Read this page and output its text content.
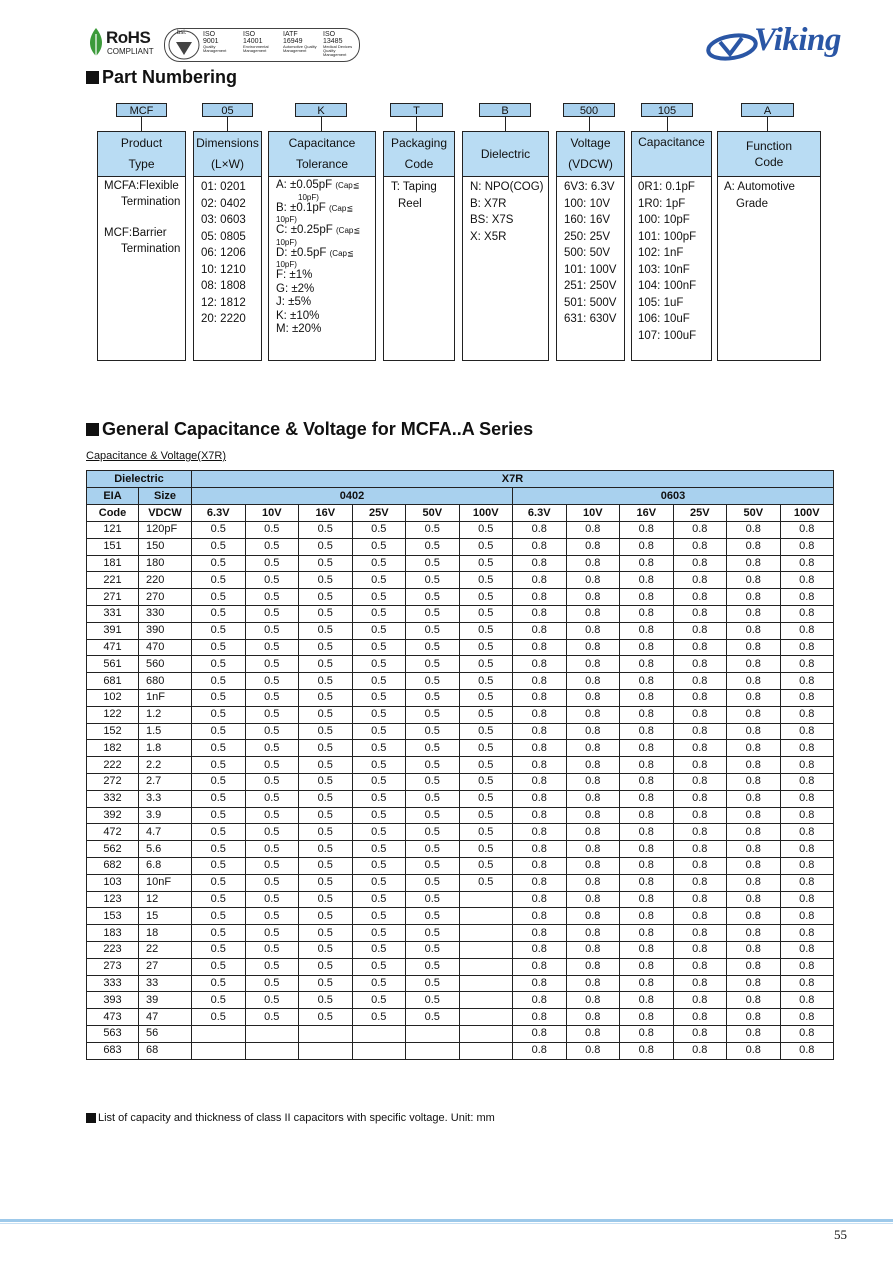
RoHS
COMPLIANT
bsi. ISO
9001
Quality Management
ISO
14001
Environmental Management
IATF
16949
Automotive Quality Management
ISO
13485
Medical Devices Quality Management	Viking
Part Numbering
MCF	05	K	T	B	500	105	A
Product
Type
Dimensions
(L×W)
Capacitance
Tolerance
Packaging
Code
Dielectric
Voltage
(VDCW)
Capacitance	Function
Code
MCFA:Flexible
Termination
MCF:Barrier
Termination
01: 0201
02: 0402
03: 0603
05: 0805
06: 1206
10: 1210
08: 1808
12: 1812
20: 2220
A: ±0.05pF (Cap≦
10pF)
B: ±0.1pF (Cap≦
10pF)
C: ±0.25pF (Cap≦
10pF)
D: ±0.5pF (Cap≦
10pF)
F: ±1%
G: ±2%
J: ±5%
K: ±10%
M: ±20%
T: Taping
Reel
N: NPO(COG)
B: X7R
BS: X7S
X: X5R
6V3: 6.3V
100: 10V
160: 16V
250: 25V
500: 50V
101: 100V
251: 250V
501: 500V
631: 630V
0R1: 0.1pF
1R0: 1pF
100: 10pF
101: 100pF
102: 1nF
103: 10nF
104: 100nF
105: 1uF
106: 10uF
107: 100uF
A: Automotive
Grade
General Capacitance & Voltage for MCFA..A Series
Capacitance & Voltage(X7R)
Dielectric		X7R											
EIA	Size	0402						0603					
Code	VDCW	6.3V	10V	16V	25V	50V	100V	6.3V	10V	16V	25V	50V	100V
121	120pF	0.5	0.5	0.5	0.5	0.5	0.5	0.8	0.8	0.8	0.8	0.8	0.8
151	150	0.5	0.5	0.5	0.5	0.5	0.5	0.8	0.8	0.8	0.8	0.8	0.8
181	180	0.5	0.5	0.5	0.5	0.5	0.5	0.8	0.8	0.8	0.8	0.8	0.8
221	220	0.5	0.5	0.5	0.5	0.5	0.5	0.8	0.8	0.8	0.8	0.8	0.8
271	270	0.5	0.5	0.5	0.5	0.5	0.5	0.8	0.8	0.8	0.8	0.8	0.8
331	330	0.5	0.5	0.5	0.5	0.5	0.5	0.8	0.8	0.8	0.8	0.8	0.8
391	390	0.5	0.5	0.5	0.5	0.5	0.5	0.8	0.8	0.8	0.8	0.8	0.8
471	470	0.5	0.5	0.5	0.5	0.5	0.5	0.8	0.8	0.8	0.8	0.8	0.8
561	560	0.5	0.5	0.5	0.5	0.5	0.5	0.8	0.8	0.8	0.8	0.8	0.8
681	680	0.5	0.5	0.5	0.5	0.5	0.5	0.8	0.8	0.8	0.8	0.8	0.8
102	1nF	0.5	0.5	0.5	0.5	0.5	0.5	0.8	0.8	0.8	0.8	0.8	0.8
122	1.2	0.5	0.5	0.5	0.5	0.5	0.5	0.8	0.8	0.8	0.8	0.8	0.8
152	1.5	0.5	0.5	0.5	0.5	0.5	0.5	0.8	0.8	0.8	0.8	0.8	0.8
182	1.8	0.5	0.5	0.5	0.5	0.5	0.5	0.8	0.8	0.8	0.8	0.8	0.8
222	2.2	0.5	0.5	0.5	0.5	0.5	0.5	0.8	0.8	0.8	0.8	0.8	0.8
272	2.7	0.5	0.5	0.5	0.5	0.5	0.5	0.8	0.8	0.8	0.8	0.8	0.8
332	3.3	0.5	0.5	0.5	0.5	0.5	0.5	0.8	0.8	0.8	0.8	0.8	0.8
392	3.9	0.5	0.5	0.5	0.5	0.5	0.5	0.8	0.8	0.8	0.8	0.8	0.8
472	4.7	0.5	0.5	0.5	0.5	0.5	0.5	0.8	0.8	0.8	0.8	0.8	0.8
562	5.6	0.5	0.5	0.5	0.5	0.5	0.5	0.8	0.8	0.8	0.8	0.8	0.8
682	6.8	0.5	0.5	0.5	0.5	0.5	0.5	0.8	0.8	0.8	0.8	0.8	0.8
103	10nF	0.5	0.5	0.5	0.5	0.5	0.5	0.8	0.8	0.8	0.8	0.8	0.8
123	12	0.5	0.5	0.5	0.5	0.5		0.8	0.8	0.8	0.8	0.8	0.8
153	15	0.5	0.5	0.5	0.5	0.5		0.8	0.8	0.8	0.8	0.8	0.8
183	18	0.5	0.5	0.5	0.5	0.5		0.8	0.8	0.8	0.8	0.8	0.8
223	22	0.5	0.5	0.5	0.5	0.5		0.8	0.8	0.8	0.8	0.8	0.8
273	27	0.5	0.5	0.5	0.5	0.5		0.8	0.8	0.8	0.8	0.8	0.8
333	33	0.5	0.5	0.5	0.5	0.5		0.8	0.8	0.8	0.8	0.8	0.8
393	39	0.5	0.5	0.5	0.5	0.5		0.8	0.8	0.8	0.8	0.8	0.8
473	47	0.5	0.5	0.5	0.5	0.5		0.8	0.8	0.8	0.8	0.8	0.8
563	56							0.8	0.8	0.8	0.8	0.8	0.8
683	68							0.8	0.8	0.8	0.8	0.8	0.8
List of capacity and thickness of class II capacitors with specific voltage. Unit: mm
55
